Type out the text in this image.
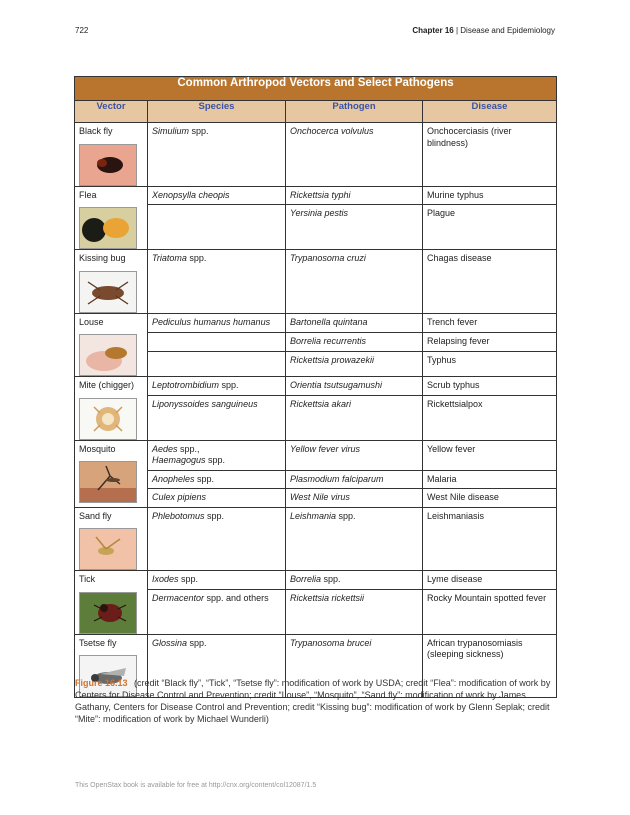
722	Chapter 16 | Disease and Epidemiology
Common Arthropod Vectors and Select Pathogens			
Vector	Species	Pathogen	Disease

Black fly	Simulium spp.	Onchocerca volvulus	Onchocerciasis (river blindness)

Flea	Xenopsylla cheopis	Rickettsia typhi	Murine typhus

		Yersinia pestis	Plague

Kissing bug	Triatoma spp.	Trypanosoma cruzi	Chagas disease

Louse	Pediculus humanus humanus	Bartonella quintana	Trench fever

		Borrelia recurrentis	Relapsing fever

		Rickettsia prowazekii	Typhus

Mite (chigger)	Leptotrombidium spp.	Orientia tsutsugamushi	Scrub typhus

	Liponyssoides sanguineus	Rickettsia akari	Rickettsialpox

Mosquito	Aedes spp.,
Haemagogus spp.	Yellow fever virus	Yellow fever

	Anopheles spp.	Plasmodium falciparum	Malaria

	Culex pipiens	West Nile virus	West Nile disease

Sand fly	Phlebotomus spp.	Leishmania spp.	Leishmaniasis

Tick	Ixodes spp.	Borrelia spp.	Lyme disease

	Dermacentor spp. and others	Rickettsia rickettsii	Rocky Mountain spotted fever

Tsetse fly	Glossina spp.	Trypanosoma brucei	African trypanosomiasis (sleeping sickness)
Figure 16.13 (credit “Black fly”, “Tick”, “Tsetse fly”: modification of work by USDA; credit “Flea”: modification of work by Centers for Disease Control and Prevention; credit “Louse”, “Mosquito”, “Sand fly”: modification of work by James Gathany, Centers for Disease Control and Prevention; credit “Kissing bug”: modification of work by Glenn Seplak; credit “Mite”: modification of work by Michael Wunderli)
This OpenStax book is available for free at http://cnx.org/content/col12087/1.5
